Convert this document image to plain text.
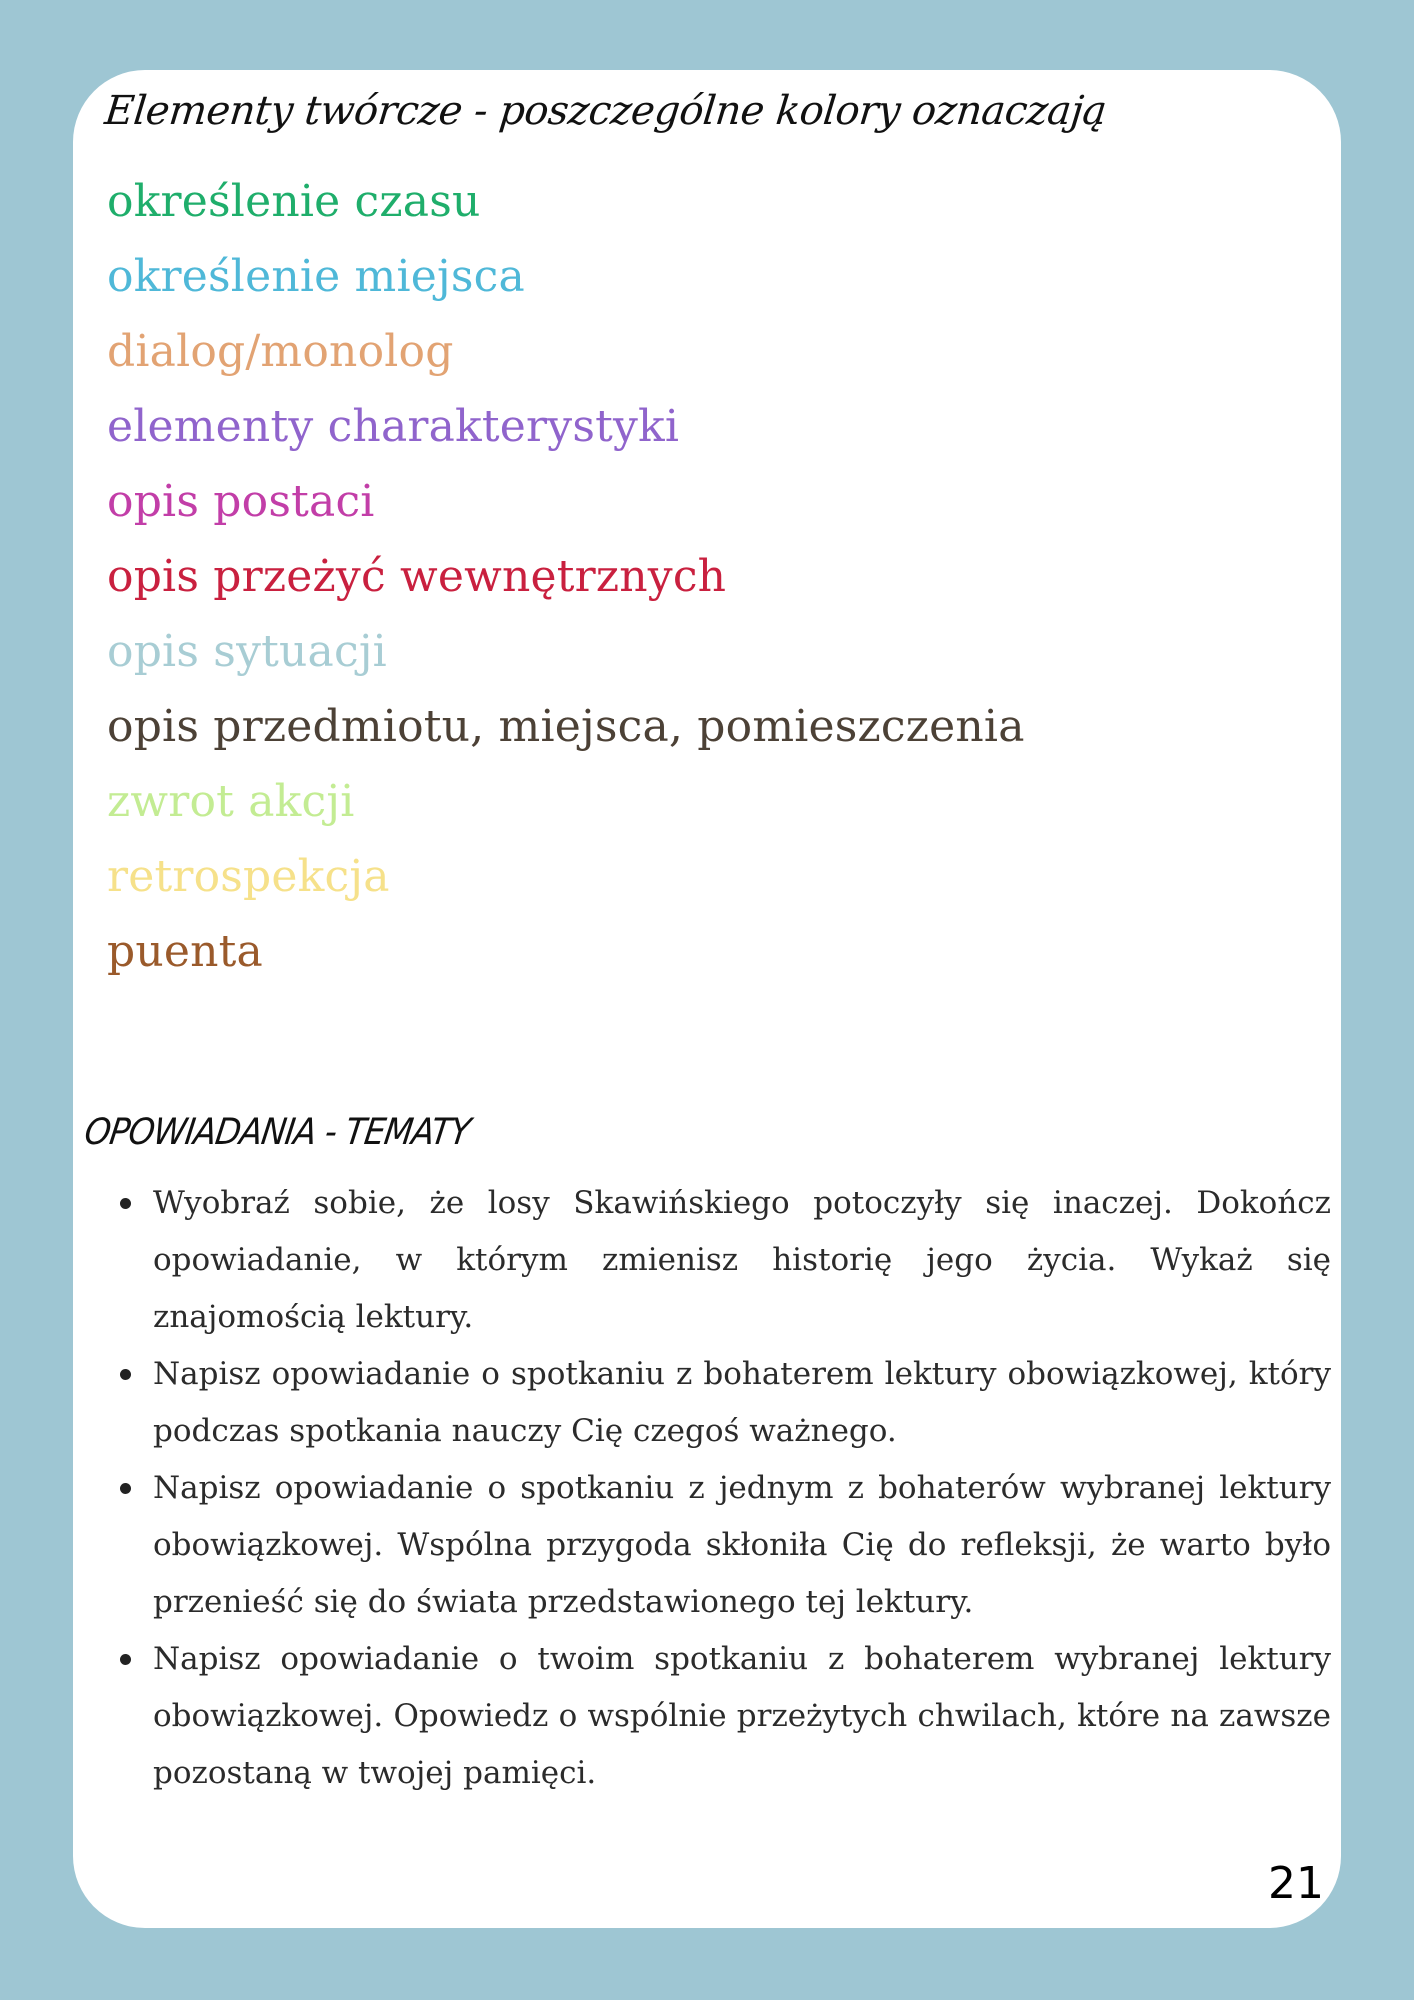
Elementy twórcze - poszczególne kolory oznaczają
określenie czasu
określenie miejsca
dialog/monolog
elementy charakterystyki
opis postaci
opis przeżyć wewnętrznych
opis sytuacji
opis przedmiotu, miejsca, pomieszczenia
zwrot akcji
retrospekcja
puenta
OPOWIADANIA - TEMATY
Wyobraź sobie, że losy Skawińskiego potoczyły się inaczej. Dokończ opowiadanie, w którym zmienisz historię jego życia. Wykaż się znajomością lektury.
Napisz opowiadanie o spotkaniu z bohaterem lektury obowiązkowej, który podczas spotkania nauczy Cię czegoś ważnego.
Napisz opowiadanie o spotkaniu z jednym z bohaterów wybranej lektury obowiązkowej. Wspólna przygoda skłoniła Cię do refleksji, że warto było przenieść się do świata przedstawionego tej lektury.
Napisz opowiadanie o twoim spotkaniu z bohaterem wybranej lektury obowiązkowej. Opowiedz o wspólnie przeżytych chwilach, które na zawsze pozostaną w twojej pamięci.
21
